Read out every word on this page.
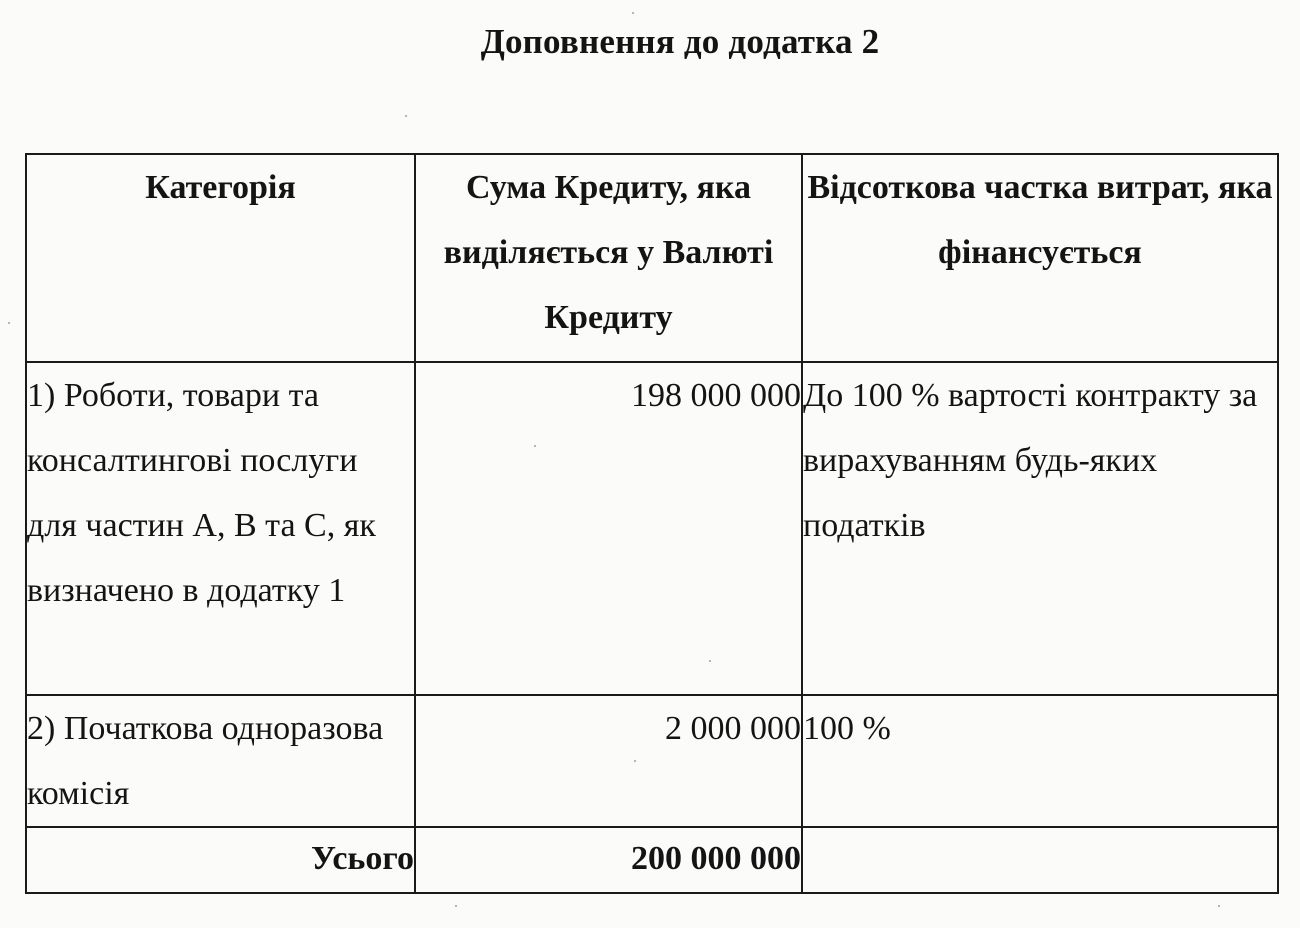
Доповнення до додатка 2
Категорія	Сума Кредиту, яка виділяється у Валюті Кредиту	Відсоткова частка витрат, яка фінансується
1) Роботи, товари та консалтингові послуги для частин А, В та С, як визначено в додатку 1	198 000 000	До 100 % вартості контракту за вирахуванням будь-яких податків
2) Початкова одноразова комісія	2 000 000	100 %
Усього	200 000 000	
